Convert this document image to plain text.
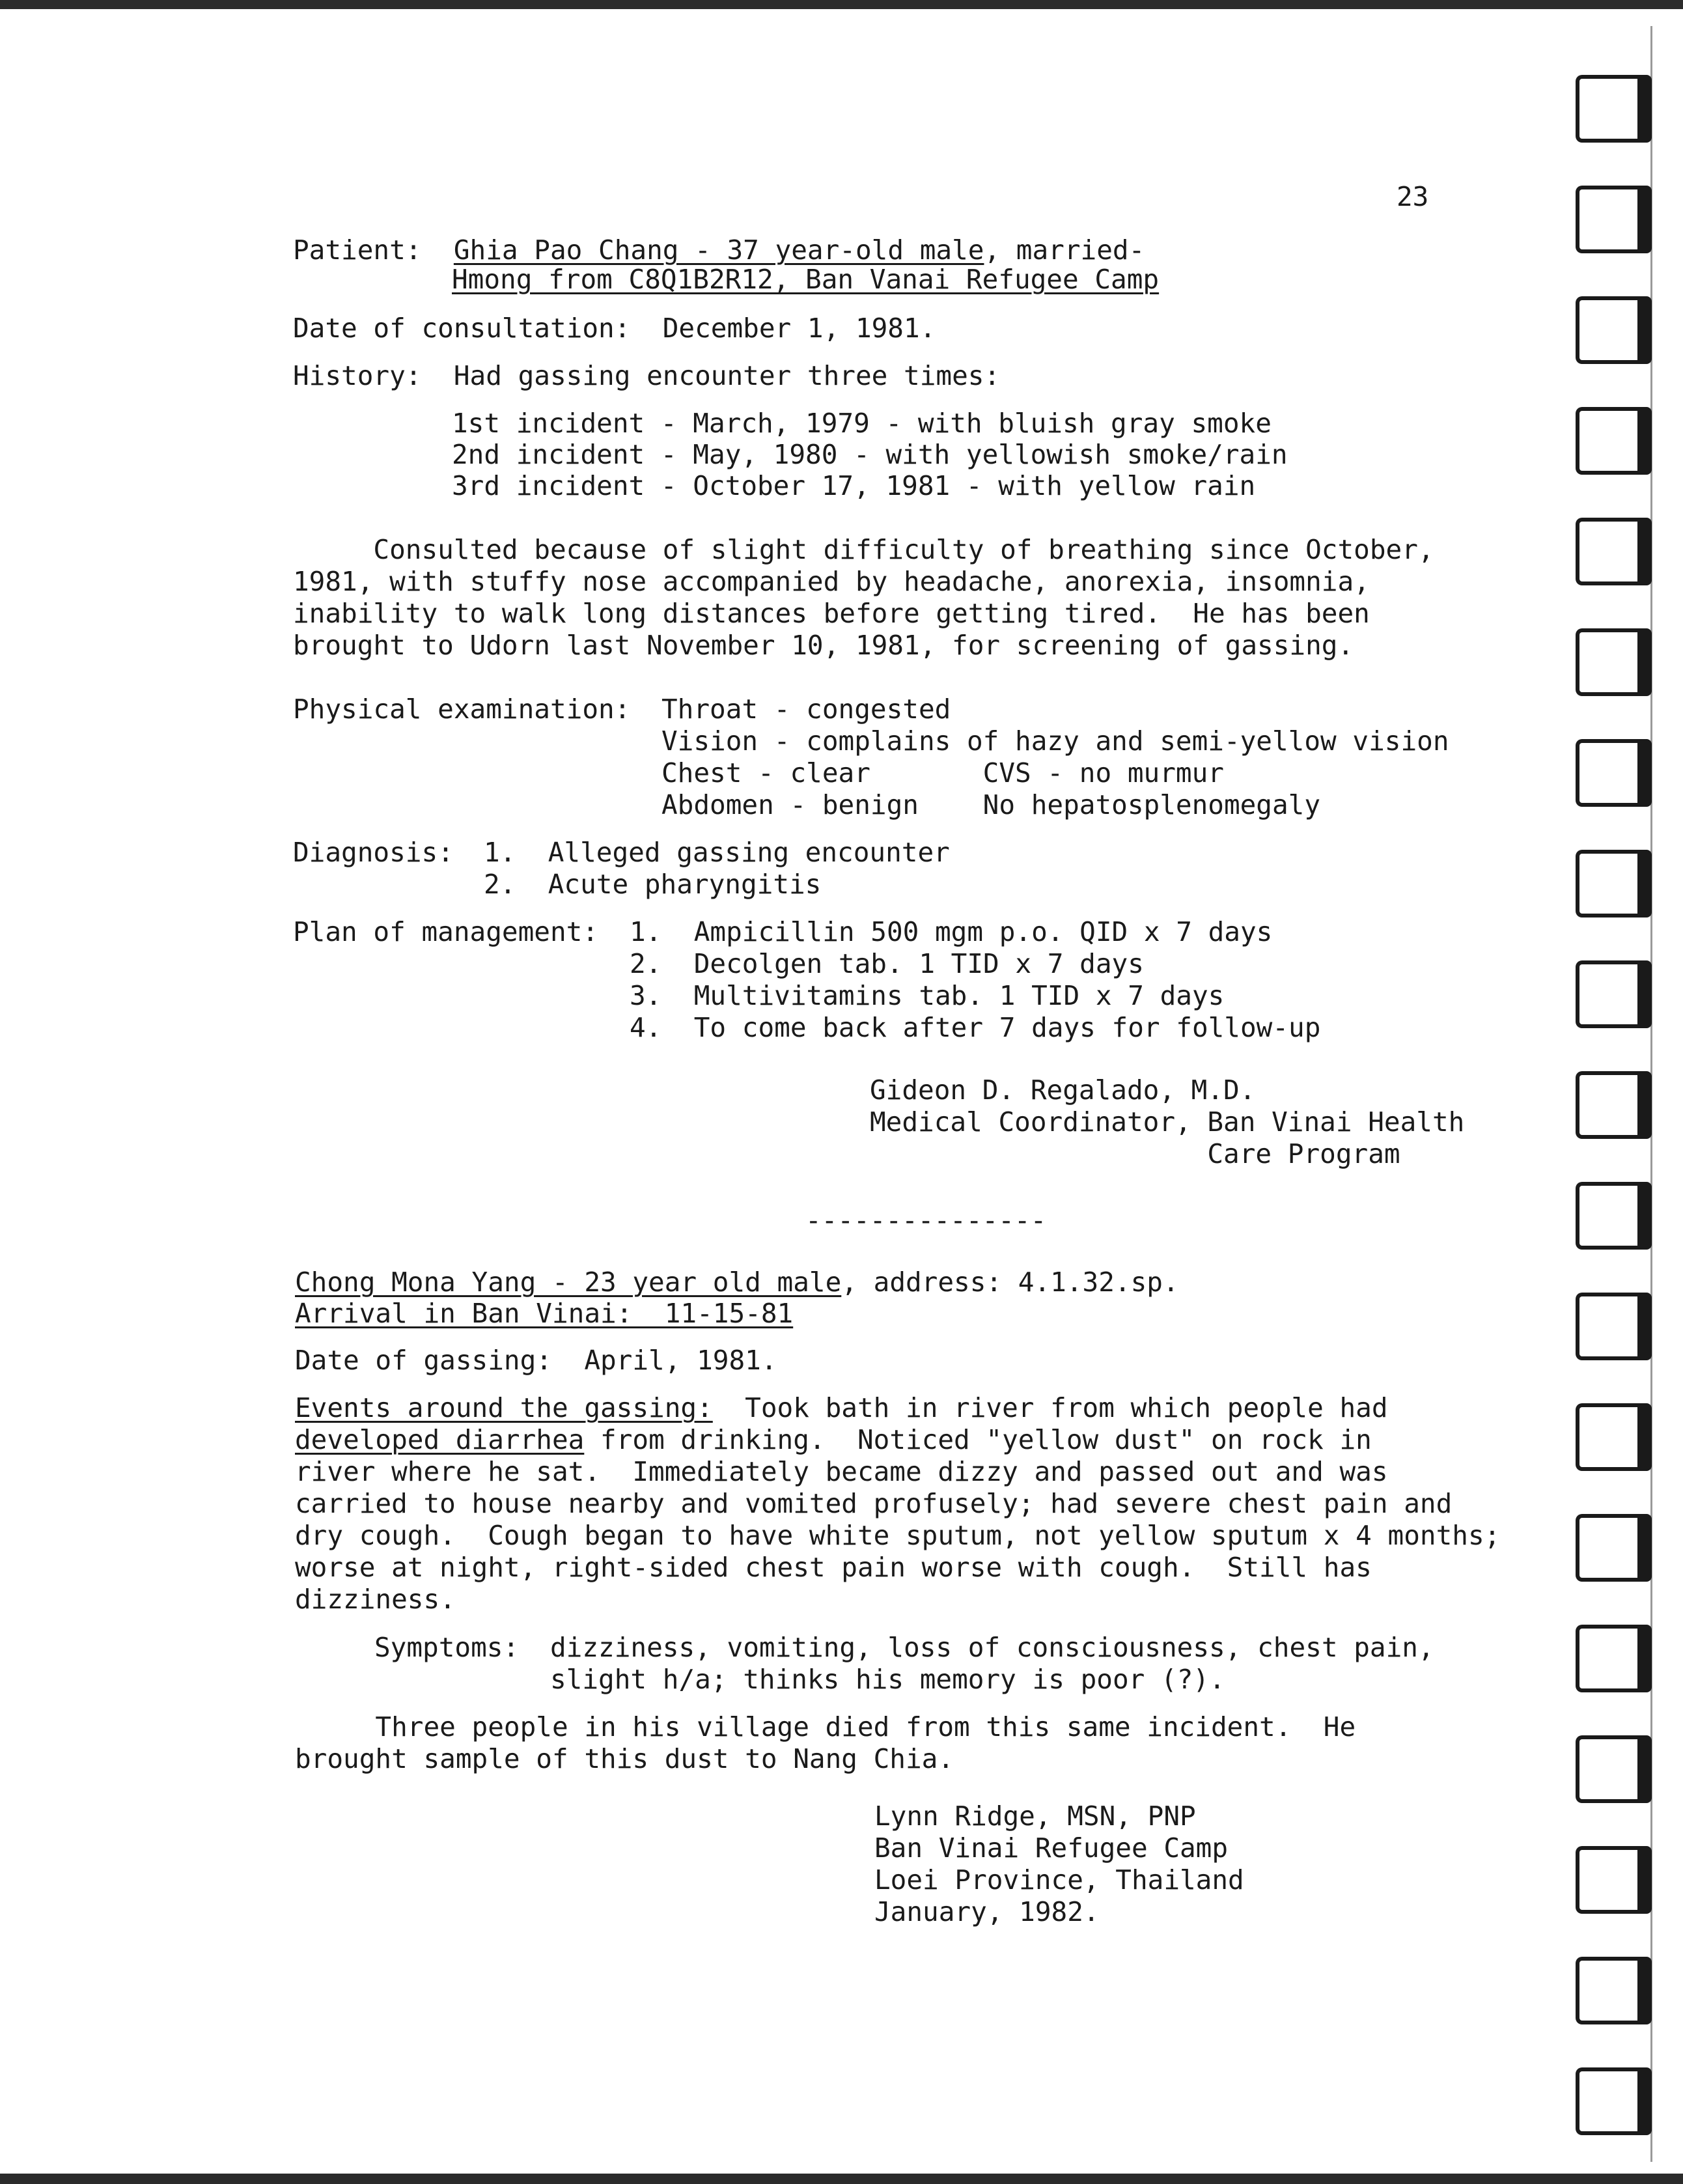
23

Patient: Ghia Pao Chang - 37 year-old male, married-

Hmong from C8Q1B2R12, Ban Vanai Refugee Camp

Date of consultation:  December 1, 1981.

History: Had gassing encounter three times:

1st incident - March, 1979 - with bluish gray smoke

2nd incident - May, 1980 - with yellowish smoke/rain

3rd incident - October 17, 1981 - with yellow rain

Consulted because of slight difficulty of breathing since October,

1981, with stuffy nose accompanied by headache, anorexia, insomnia,

inability to walk long distances before getting tired.  He has been

brought to Udorn last November 10, 1981, for screening of gassing.

Physical examination: Throat - congested

Vision - complains of hazy and semi-yellow vision

Chest - clear       CVS - no murmur

Abdomen - benign    No hepatosplenomegaly

Diagnosis: 1.  Alleged gassing encounter

2.  Acute pharyngitis

Plan of management: 1.  Ampicillin 500 mgm p.o. QID x 7 days

2.  Decolgen tab. 1 TID x 7 days

3.  Multivitamins tab. 1 TID x 7 days

4.  To come back after 7 days for follow-up

Gideon D. Regalado, M.D.

Medical Coordinator, Ban Vinai Health

Care Program

---------------

Chong Mona Yang - 23 year old male, address: 4.1.32.sp.

Arrival in Ban Vinai:  11-15-81

Date of gassing:  April, 1981.

Events around the gassing:  Took bath in river from which people had

developed diarrhea from drinking.  Noticed "yellow dust" on rock in

river where he sat.  Immediately became dizzy and passed out and was

carried to house nearby and vomited profusely; had severe chest pain and

dry cough.  Cough began to have white sputum, not yellow sputum x 4 months;

worse at night, right-sided chest pain worse with cough.  Still has

dizziness.

Symptoms: dizziness, vomiting, loss of consciousness, chest pain,

slight h/a; thinks his memory is poor (?).

Three people in his village died from this same incident.  He

brought sample of this dust to Nang Chia.

Lynn Ridge, MSN, PNP

Ban Vinai Refugee Camp

Loei Province, Thailand

January, 1982.
